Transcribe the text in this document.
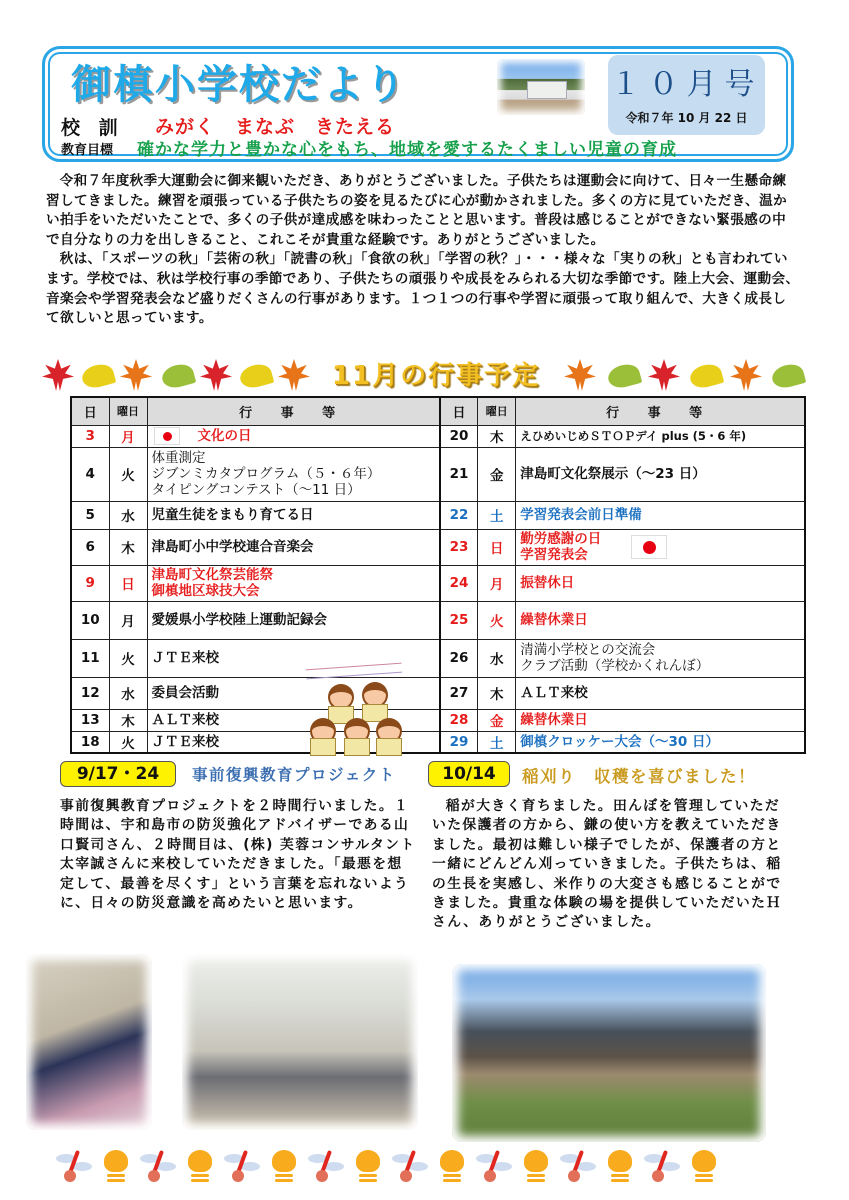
御槙小学校だより	１０月号
令和７年 10 月 22 日
校 訓 みがく　まなぶ　きたえる
教育目標 確かな学力と豊かな心をもち、地域を愛するたくましい児童の育成

令和７年度秋季大運動会に御来観いただき、ありがとうございました。子供たちは運動会に向けて、日々一生懸命練習してきました。練習を頑張っている子供たちの姿を見るたびに心が動かされました。多くの方に見ていただき、温かい拍手をいただいたことで、多くの子供が達成感を味わったことと思います。普段は感じることができない緊張感の中で自分なりの力を出しきること、これこそが貴重な経験です。ありがとうございました。

秋は、「スポーツの秋」「芸術の秋」「読書の秋」「食欲の秋」「学習の秋？」・・・様々な「実りの秋」とも言われています。学校では、秋は学校行事の季節であり、子供たちの頑張りや成長をみられる大切な季節です。陸上大会、運動会、音楽会や学習発表会など盛りだくさんの行事があります。１つ１つの行事や学習に頑張って取り組んで、大きく成長して欲しいと思っています。

11月の行事予定
日	曜日	行 事 等	日	曜日	行 事 等
3	月	文化の日	20	木	えひめいじめＳＴＯＰデイ plus (5・6 年)
4	火	体重測定
ジブンミカタプログラム（５・６年）
タイピングコンテスト（～11 日）	21	金	津島町文化祭展示（～23 日）
5	水	児童生徒をまもり育てる日	22	土	学習発表会前日準備
6	木	津島町小中学校連合音楽会	23	日	勤労感謝の日
学習発表会

9	日	津島町文化祭芸能祭
御槙地区球技大会	24	月	振替休日
10	月	愛媛県小学校陸上運動記録会	25	火	繰替休業日
11	火	ＪＴＥ来校	26	水	清満小学校との交流会
クラブ活動（学校かくれんぼ）

12	水	委員会活動	27	木	ＡＬＴ来校
13	木	ＡＬＴ来校	28	金	繰替休業日
18	火	ＪＴＥ来校	29	土	御槙クロッケー大会（～30 日）
9/17・24	事前復興教育プロジェクト
事前復興教育プロジェクトを２時間行いました。１時間は、宇和島市の防災強化アドバイザーである山口賢司さん、２時間目は、(株) 芙蓉コンサルタント太宰誠さんに来校していただきました。「最悪を想定して、最善を尽くす」という言葉を忘れないように、日々の防災意識を高めたいと思います。
10/14	稲刈り　収穫を喜びました！
稲が大きく育ちました。田んぼを管理していただいた保護者の方から、鎌の使い方を教えていただきました。最初は難しい様子でしたが、保護者の方と一緒にどんどん刈っていきました。子供たちは、稲の生長を実感し、米作りの大変さも感じることができました。貴重な体験の場を提供していただいたＨさん、ありがとうございました。
